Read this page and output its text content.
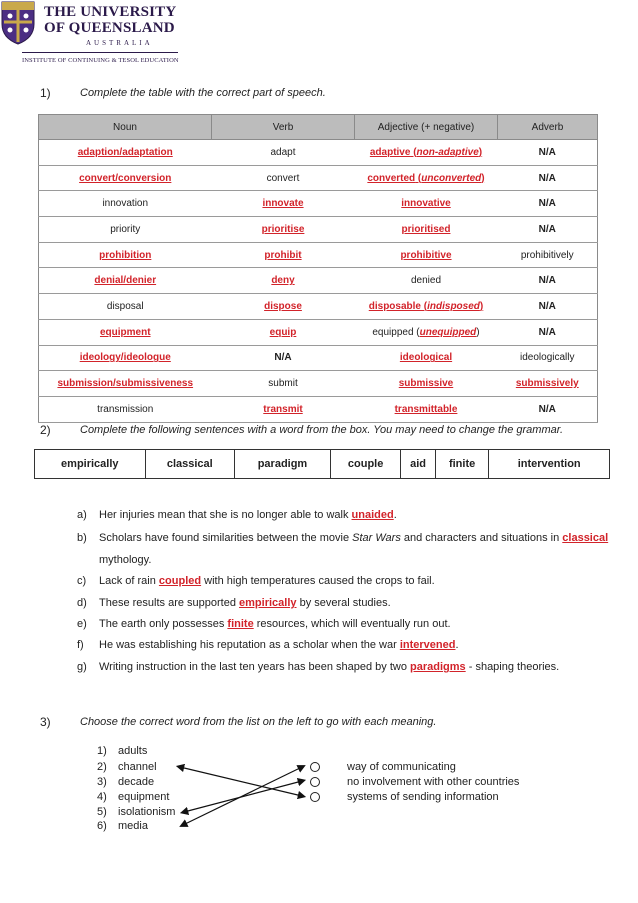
THE UNIVERSITY
OF QUEENSLAND
AUSTRALIA
INSTITUTE OF CONTINUING & TESOL EDUCATION
1)	Complete the table with the correct part of speech.
Noun	Verb	Adjective (+ negative)	Adverb
adaption/adaptation	adapt	adaptive (non-adaptive)	N/A
convert/conversion	convert	converted (unconverted)	N/A
innovation	innovate	innovative	N/A
priority	prioritise	prioritised	N/A
prohibition	prohibit	prohibitive	prohibitively
denial/denier	deny	denied	N/A
disposal	dispose	disposable (indisposed)	N/A
equipment	equip	equipped (unequipped)	N/A
ideology/ideologue	N/A	ideological	ideologically
submission/submissiveness	submit	submissive	submissively
transmission	transmit	transmittable	N/A
2)	Complete the following sentences with a word from the box. You may need to change the grammar.
empirically	classical	paradigm	couple	aid	finite	intervention
a) Her injuries mean that she is no longer able to walk unaided.
b) Scholars have found similarities between the movie Star Wars and characters and situations in classical
mythology.
c) Lack of rain coupled with high temperatures caused the crops to fail.
d) These results are supported empirically by several studies.
e) The earth only possesses finite resources, which will eventually run out.
f) He was establishing his reputation as a scholar when the war intervened.
g) Writing instruction in the last ten years has been shaped by two paradigms - shaping theories.
3)	Choose the correct word from the list on the left to go with each meaning.
1) adults
2) channel
3) decade
4) equipment
5) isolationism
6) media
way of communicating
no involvement with other countries
systems of sending information
